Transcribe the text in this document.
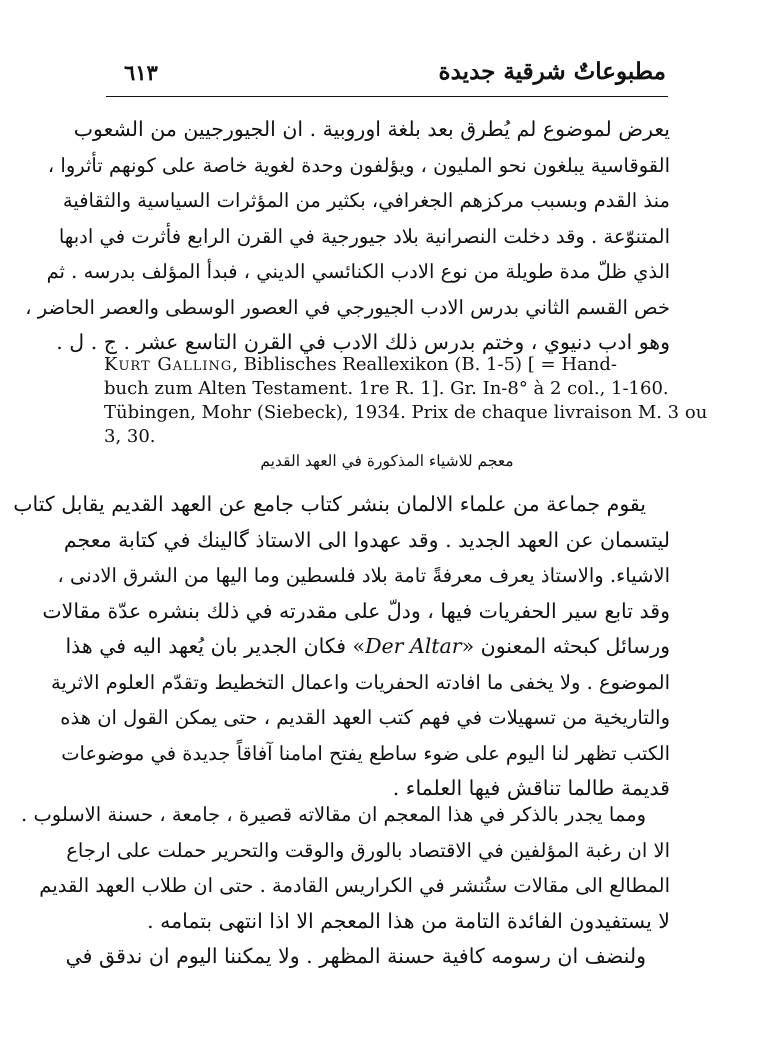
٦١٣	مطبوعاتٌ شرقية جديدة
يعرض لموضوع لم يُطرق بعد بلغة اوروبية . ان الجيورجيين من الشعوب
القوقاسية يبلغون نحو المليون ، ويؤلفون وحدة لغوية خاصة على كونهم تأثروا ،
منذ القدم وبسبب مركزهم الجغرافي، بكثير من المؤثرات السياسية والثقافية
المتنوّعة . وقد دخلت النصرانية بلاد جيورجية في القرن الرابع فأثرت في ادبها
الذي ظلّ مدة طويلة من نوع الادب الكنائسي الديني ، فبدأ المؤلف بدرسه . ثم
خص القسم الثاني بدرس الادب الجيورجي في العصور الوسطى والعصر الحاضر ،
وهو ادب دنيوي ، وختم بدرس ذلك الادب في القرن التاسع عشر . ج . ل .
Kurt Galling, Biblisches Reallexikon (B. 1-5) [ = Hand-
buch zum Alten Testament. 1re R. 1]. Gr. In-8° à 2 col., 1-160.
Tübingen, Mohr (Siebeck), 1934. Prix de chaque livraison M. 3 ou
3, 30.
معجم للاشياء المذكورة في العهد القديم
يقوم جماعة من علماء الالمان بنشر كتاب جامع عن العهد القديم يقابل كتاب
ليتسمان عن العهد الجديد . وقد عهدوا الى الاستاذ گالينك في كتابة معجم
الاشياء. والاستاذ يعرف معرفةً تامة بلاد فلسطين وما اليها من الشرق الادنى ،
وقد تابع سير الحفريات فيها ، ودلّ على مقدرته في ذلك بنشره عدّة مقالات
ورسائل كبحثه المعنون «Der Altar» فكان الجدير بان يُعهد اليه في هذا
الموضوع . ولا يخفى ما افادته الحفريات واعمال التخطيط وتقدّم العلوم الاثرية
والتاريخية من تسهيلات في فهم كتب العهد القديم ، حتى يمكن القول ان هذه
الكتب تظهر لنا اليوم على ضوء ساطع يفتح امامنا آفاقاً جديدة في موضوعات
قديمة طالما تناقش فيها العلماء .
ومما يجدر بالذكر في هذا المعجم ان مقالاته قصيرة ، جامعة ، حسنة الاسلوب .
الا ان رغبة المؤلفين في الاقتصاد بالورق والوقت والتحرير حملت على ارجاع
المطالع الى مقالات ستُنشر في الكراريس القادمة . حتى ان طلاب العهد القديم
لا يستفيدون الفائدة التامة من هذا المعجم الا اذا انتهى بتمامه .
ولنضف ان رسومه كافية حسنة المظهر . ولا يمكننا اليوم ان ندقق في
